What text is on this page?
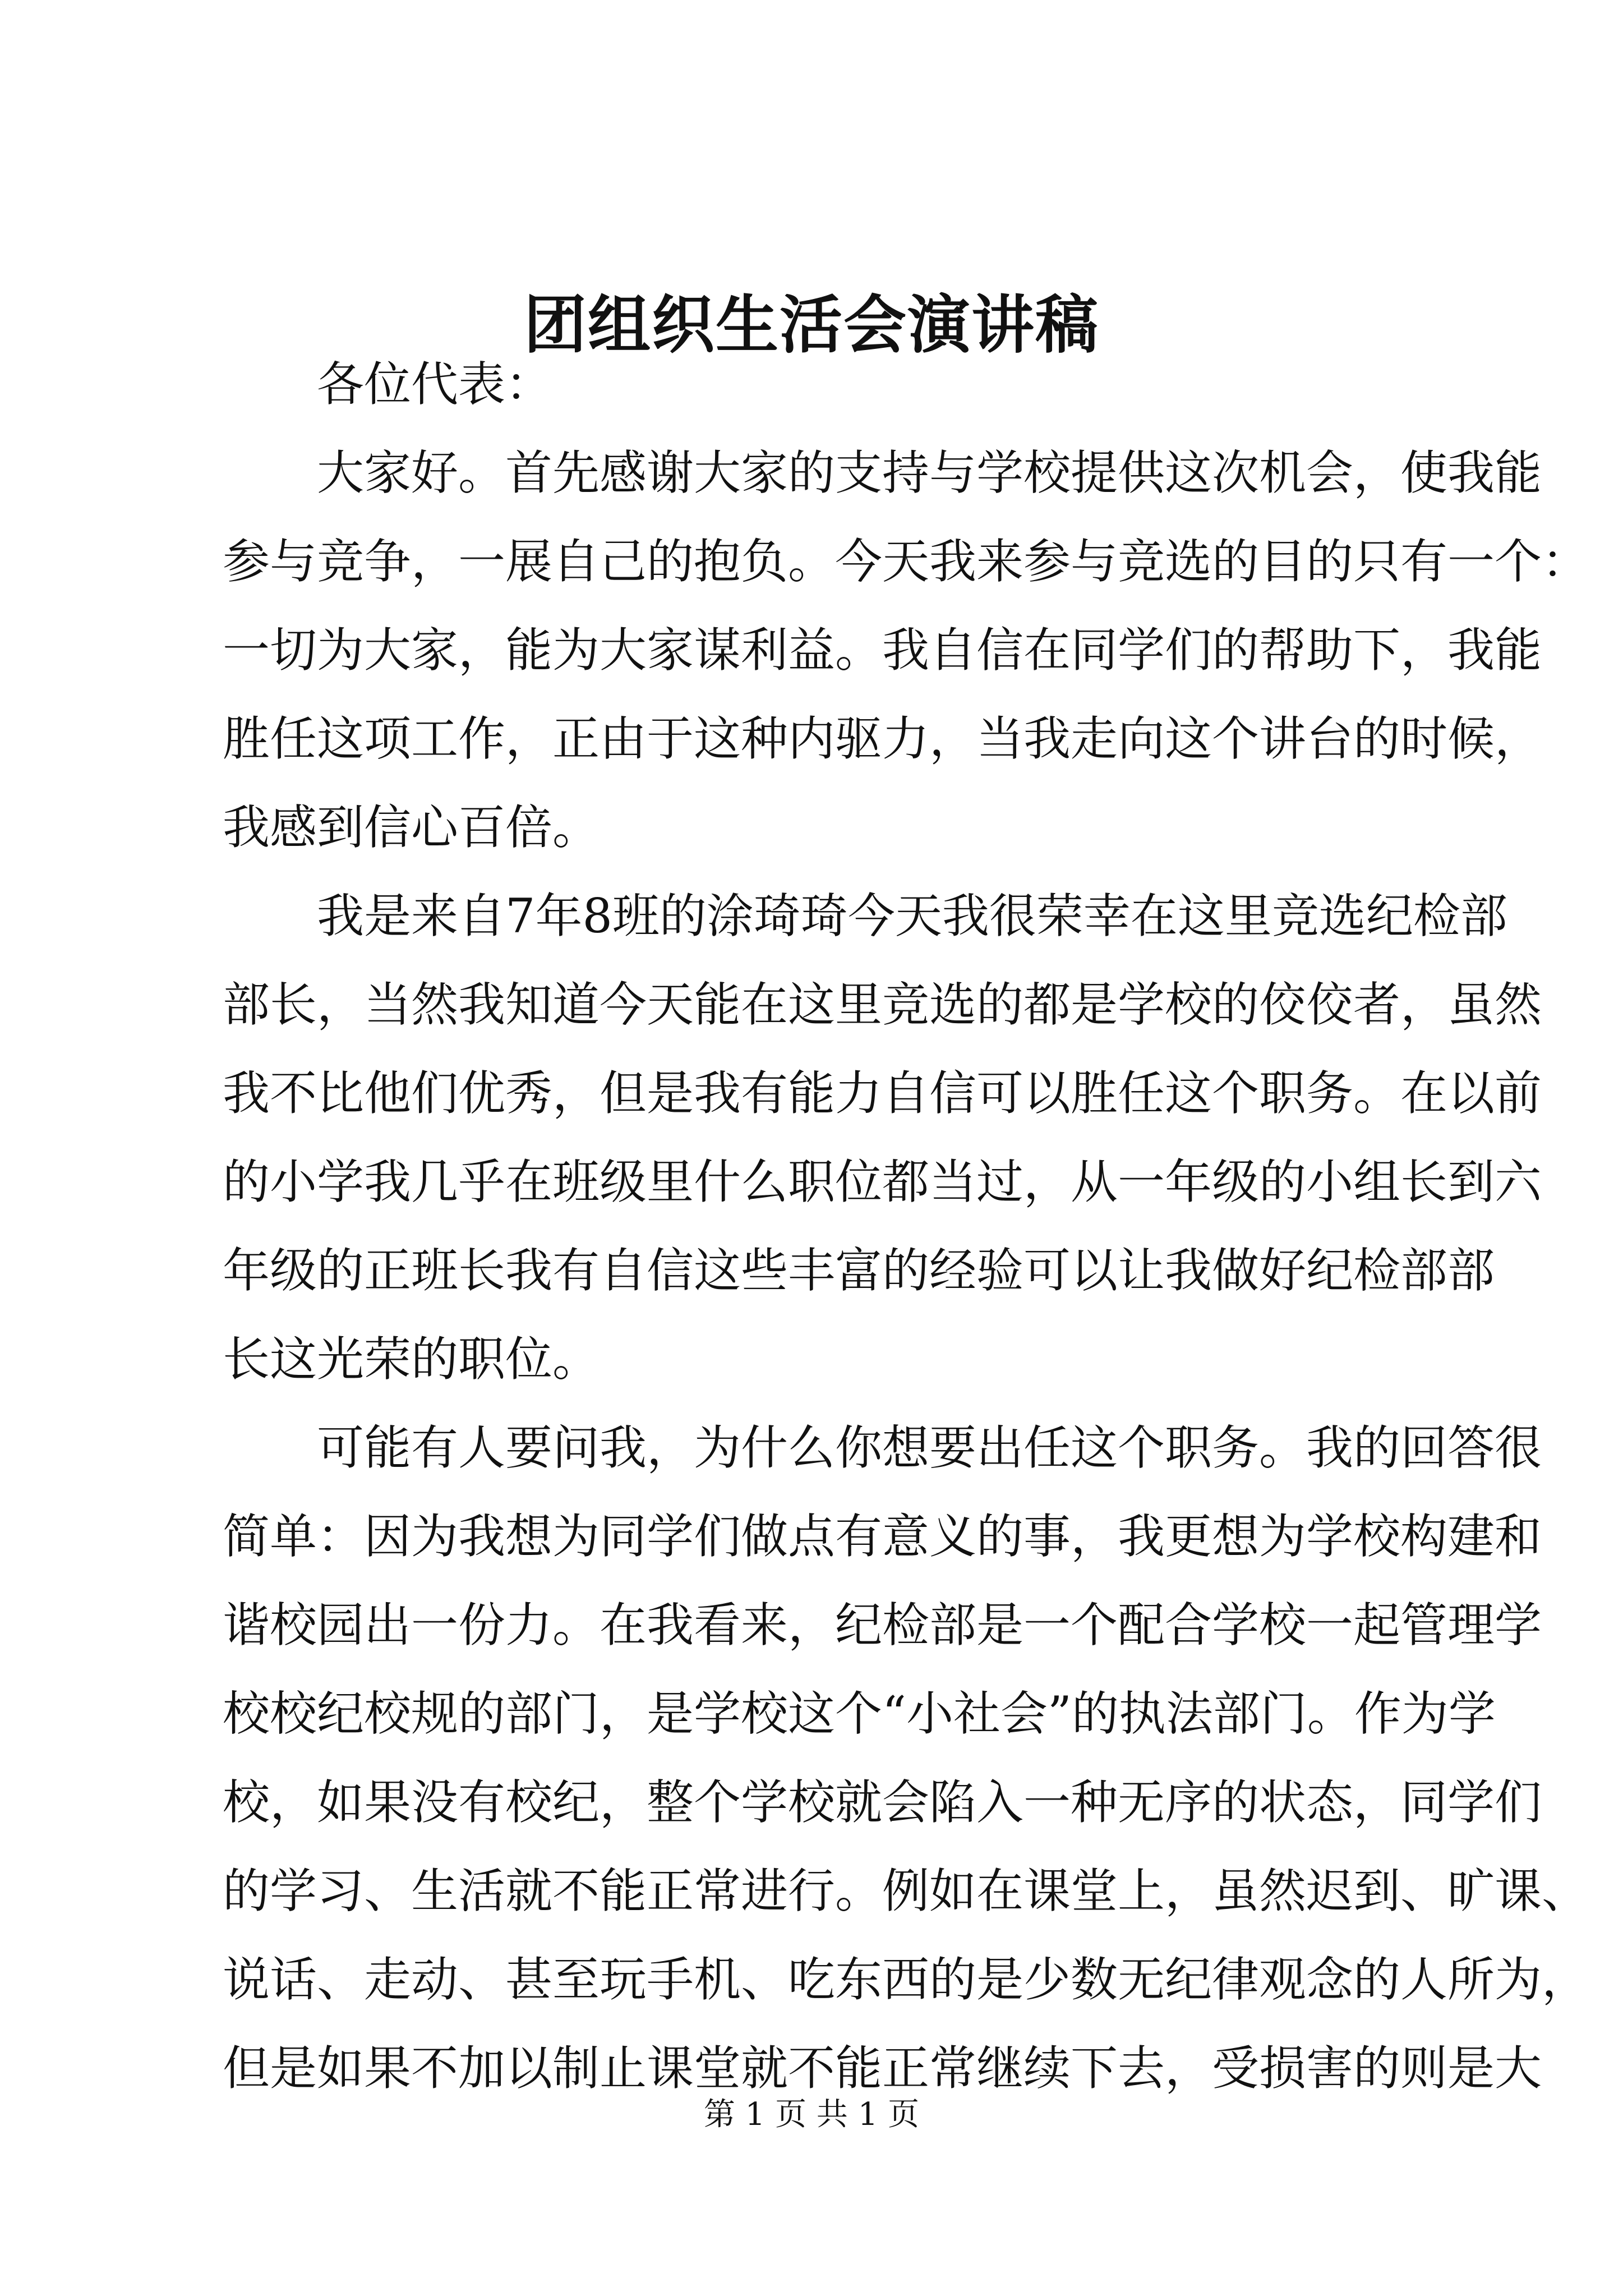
团组织生活会演讲稿

各位代表：

大家好。首先感谢大家的支持与学校提供这次机会，使我能

参与竞争，一展自己的抱负。今天我来参与竞选的目的只有一个：

一切为大家，能为大家谋利益。我自信在同学们的帮助下，我能

胜任这项工作，正由于这种内驱力，当我走向这个讲台的时候，

我感到信心百倍。

我是来自7年8班的涂琦琦今天我很荣幸在这里竞选纪检部

部长，当然我知道今天能在这里竞选的都是学校的佼佼者，虽然

我不比他们优秀，但是我有能力自信可以胜任这个职务。在以前

的小学我几乎在班级里什么职位都当过，从一年级的小组长到六

年级的正班长我有自信这些丰富的经验可以让我做好纪检部部

长这光荣的职位。

可能有人要问我，为什么你想要出任这个职务。我的回答很

简单：因为我想为同学们做点有意义的事，我更想为学校构建和

谐校园出一份力。在我看来，纪检部是一个配合学校一起管理学

校校纪校规的部门，是学校这个“小社会”的执法部门。作为学

校，如果没有校纪，整个学校就会陷入一种无序的状态，同学们

的学习、生活就不能正常进行。例如在课堂上，虽然迟到、旷课、

说话、走动、甚至玩手机、吃东西的是少数无纪律观念的人所为，

但是如果不加以制止课堂就不能正常继续下去，受损害的则是大

第 1 页 共 1 页
